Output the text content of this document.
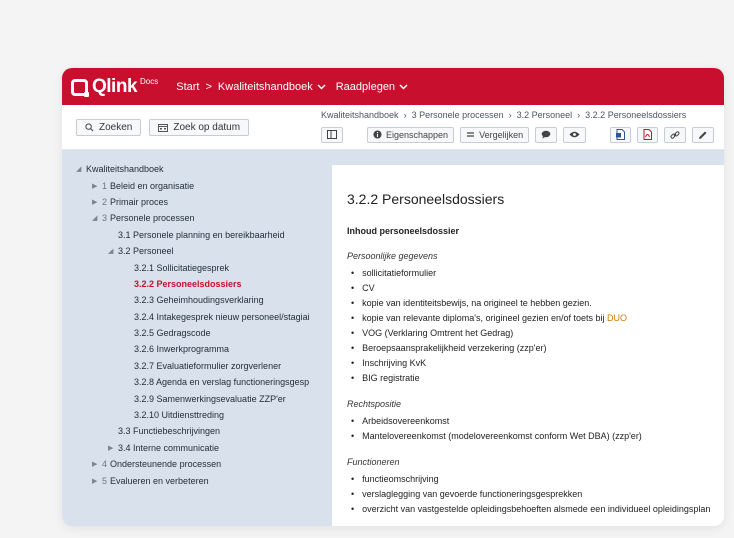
Qlink Docs Start > Kwaliteitshandboek Raadplegen
Zoeken	Zoek op datum
◢ Kwaliteitshandboek
▶ 1 Beleid en organisatie
▶ 2 Primair proces
◢ 3 Personele processen
3.1 Personele planning en bereikbaarheid
◢ 3.2 Personeel
3.2.1 Sollicitatiegesprek
3.2.2 Personeelsdossiers
3.2.3 Geheimhoudingsverklaring
3.2.4 Intakegesprek nieuw personeel/stagiai
3.2.5 Gedragscode
3.2.6 Inwerkprogramma
3.2.7 Evaluatieformulier zorgverlener
3.2.8 Agenda en verslag functioneringsgesp
3.2.9 Samenwerkingsevaluatie ZZP'er
3.2.10 Uitdiensttreding
3.3 Functiebeschrijvingen
▶ 3.4 Interne communicatie
▶ 4 Ondersteunende processen
▶ 5 Evalueren en verbeteren
Kwaliteitshandboek › 3 Personele processen › 3.2 Personeel › 3.2.2 Personeelsdossiers
Eigenschappen	Vergelijken
3.2.2 Personeelsdossiers
Inhoud personeelsdossier
Persoonlijke gegevens
• sollicitatieformulier
• CV
• kopie van identiteitsbewijs, na origineel te hebben gezien.
• kopie van relevante diploma's, origineel gezien en/of toets bij DUO
• VOG (Verklaring Omtrent het Gedrag)
• Beroepsaansprakelijkheid verzekering (zzp'er)
• Inschrijving KvK
• BIG registratie
Rechtspositie
• Arbeidsovereenkomst
• Mantelovereenkomst (modelovereenkomst conform Wet DBA) (zzp'er)
Functioneren
• functieomschrijving
• verslaglegging van gevoerde functioneringsgesprekken
• overzicht van vastgestelde opleidingsbehoeften alsmede een individueel opleidingsplan
